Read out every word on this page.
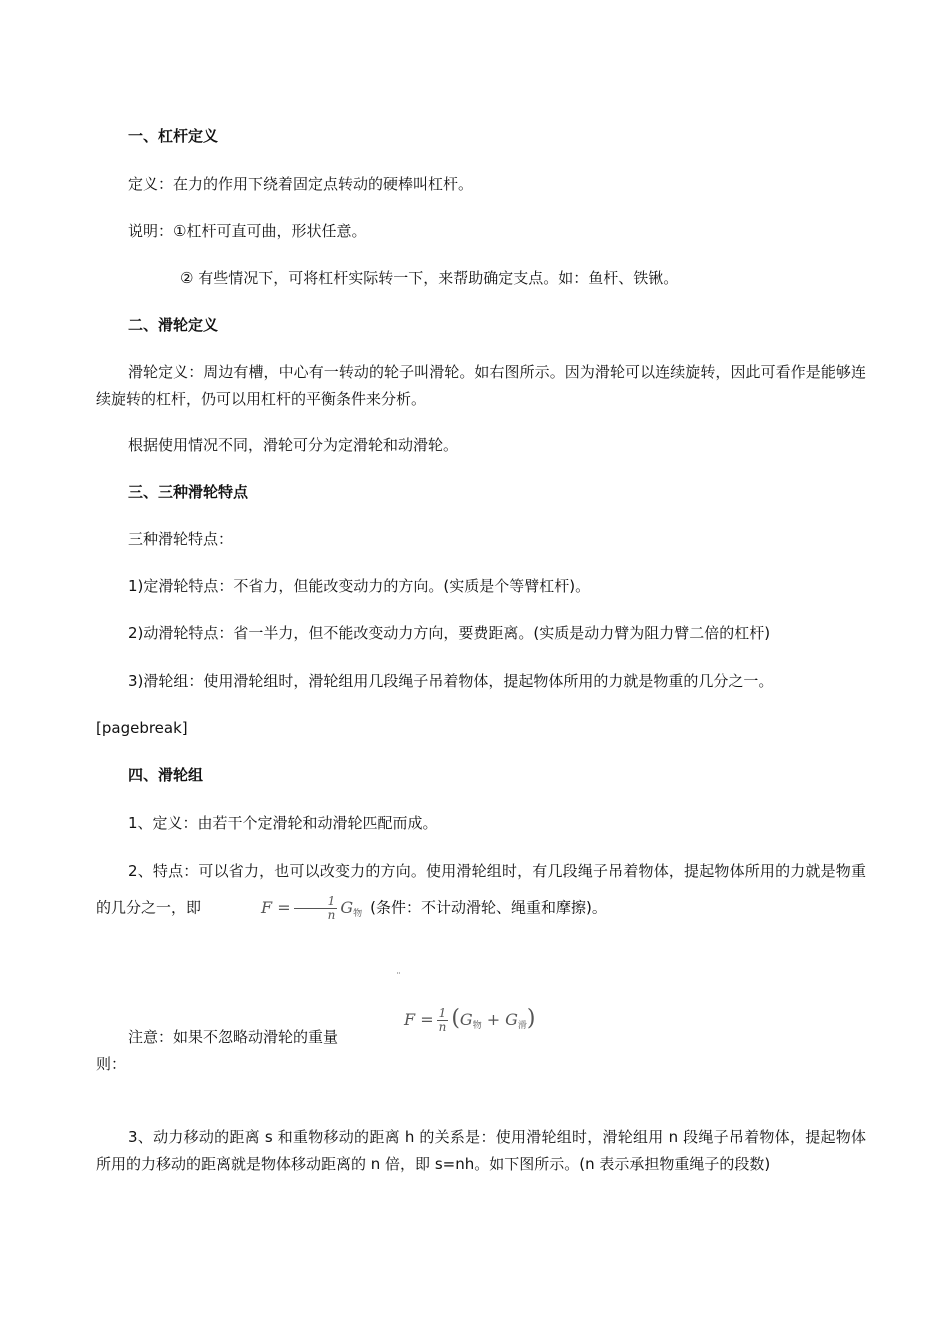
一、杠杆定义
定义：在力的作用下绕着固定点转动的硬棒叫杠杆。
说明：①杠杆可直可曲，形状任意。
② 有些情况下，可将杠杆实际转一下，来帮助确定支点。如：鱼杆、铁锹。
二、滑轮定义
滑轮定义：周边有槽，中心有一转动的轮子叫滑轮。如右图所示。因为滑轮可以连续旋转，因此可看作是能够连续旋转的杠杆，仍可以用杠杆的平衡条件来分析。
根据使用情况不同，滑轮可分为定滑轮和动滑轮。
三、三种滑轮特点
三种滑轮特点：
1)定滑轮特点：不省力，但能改变动力的方向。(实质是个等臂杠杆)。
2)动滑轮特点：省一半力，但不能改变动力方向，要费距离。(实质是动力臂为阻力臂二倍的杠杆)
3)滑轮组：使用滑轮组时，滑轮组用几段绳子吊着物体，提起物体所用的力就是物重的几分之一。
[pagebreak]
四、滑轮组
1、定义：由若干个定滑轮和动滑轮匹配而成。
2、特点：可以省力，也可以改变力的方向。使用滑轮组时，有几段绳子吊着物体，提起物体所用的力就是物重的几分之一，即	$F = \frac{1}{n} G_物$ (条件：不计动滑轮、绳重和摩擦)。
¨
注意：如果不忽略动滑轮的重量则：
$F = \frac{1}{n} (G_物 + G_滑)$
3、动力移动的距离 s 和重物移动的距离 h 的关系是：使用滑轮组时，滑轮组用 n 段绳子吊着物体，提起物体所用的力移动的距离就是物体移动距离的 n 倍，即 s=nh。如下图所示。(n 表示承担物重绳子的段数)
